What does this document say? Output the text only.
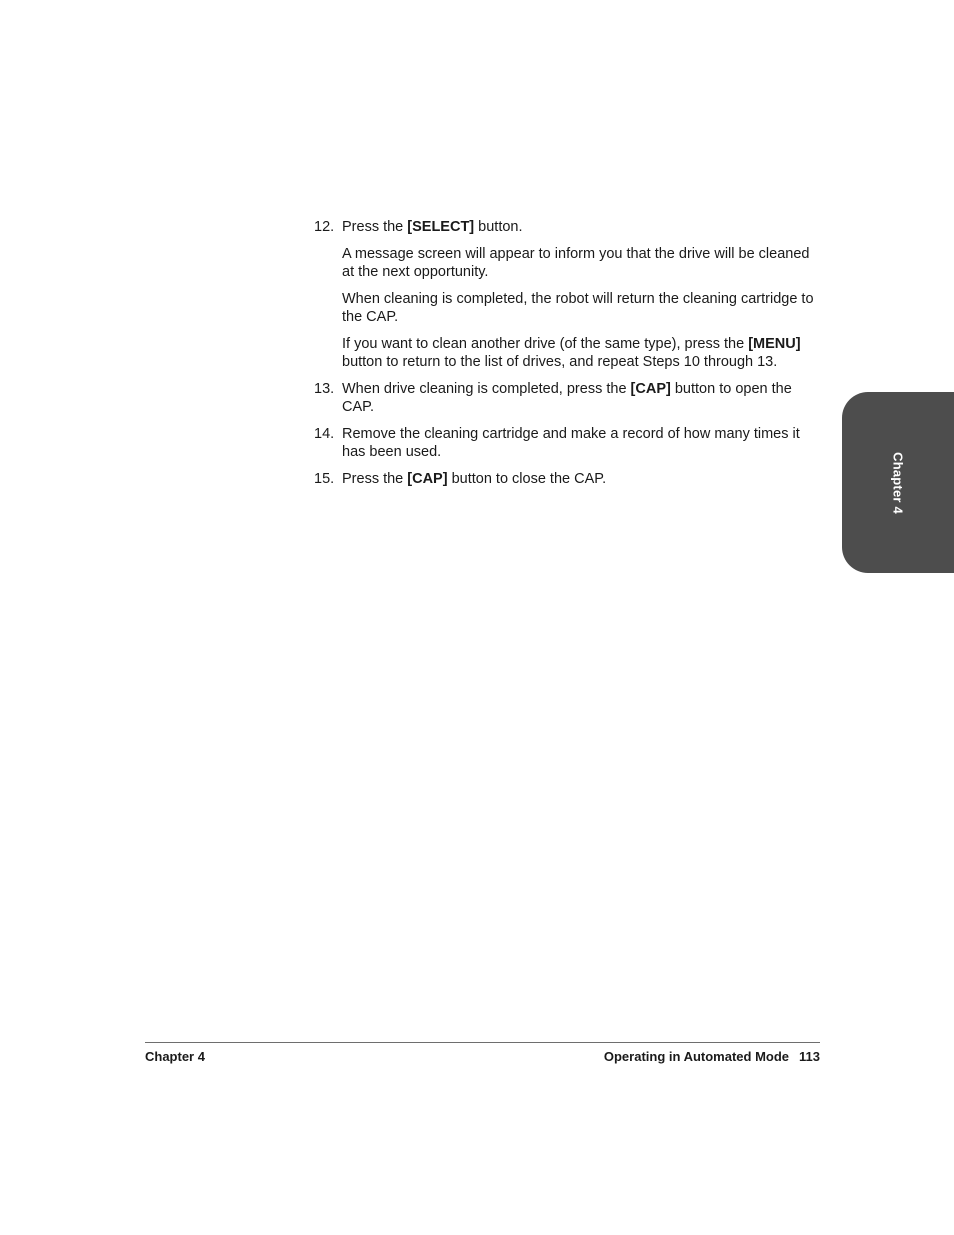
12. Press the [SELECT] button.

A message screen will appear to inform you that the drive will be cleaned at the next opportunity.

When cleaning is completed, the robot will return the cleaning cartridge to the CAP.

If you want to clean another drive (of the same type), press the [MENU] button to return to the list of drives, and repeat Steps 10 through 13.

13. When drive cleaning is completed, press the [CAP] button to open the CAP.

14. Remove the cleaning cartridge and make a record of how many times it has been used.

15. Press the [CAP] button to close the CAP.	Chapter 4
Chapter 4	Operating in Automated Mode 113
